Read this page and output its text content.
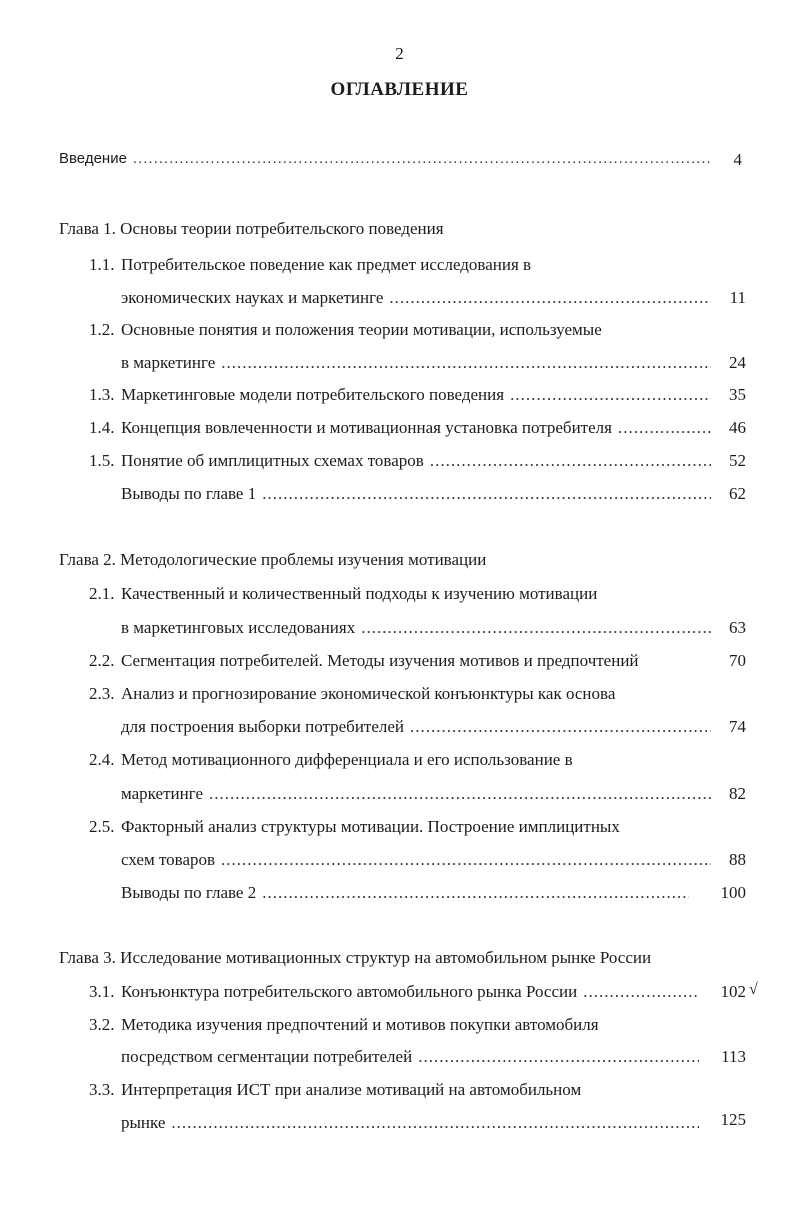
2
ОГЛАВЛЕНИЕ
Введение .....	4
Глава 1. Основы теории потребительского поведения
1.1. Потребительское поведение как предмет исследования в
экономических науках и маркетинге .....	11
1.2. Основные понятия и положения теории мотивации, используемые
в маркетинге .....	24
1.3. Маркетинговые модели потребительского поведения .....	35
1.4. Концепция вовлеченности и мотивационная установка потребителя .....	46
1.5. Понятие об имплицитных схемах товаров .....	52
Выводы по главе 1 .....	62
Глава 2. Методологические проблемы изучения мотивации
2.1. Качественный и количественный подходы к изучению мотивации
в маркетинговых исследованиях .....	63
2.2. Сегментация потребителей. Методы изучения мотивов и предпочтений	70
2.3. Анализ и прогнозирование экономической конъюнктуры как основа
для построения выборки потребителей .....	74
2.4. Метод мотивационного дифференциала и его использование в
маркетинге .....	82
2.5. Факторный анализ структуры мотивации. Построение имплицитных
схем товаров .....	88
Выводы по главе 2 .....	100
Глава 3. Исследование мотивационных структур на автомобильном рынке России
3.1. Конъюнктура потребительского автомобильного рынка России .....	102 √
3.2. Методика изучения предпочтений и мотивов покупки автомобиля
посредством сегментации потребителей .....	113
3.3. Интерпретация ИСТ при анализе мотиваций на автомобильном
рынке .....	125
